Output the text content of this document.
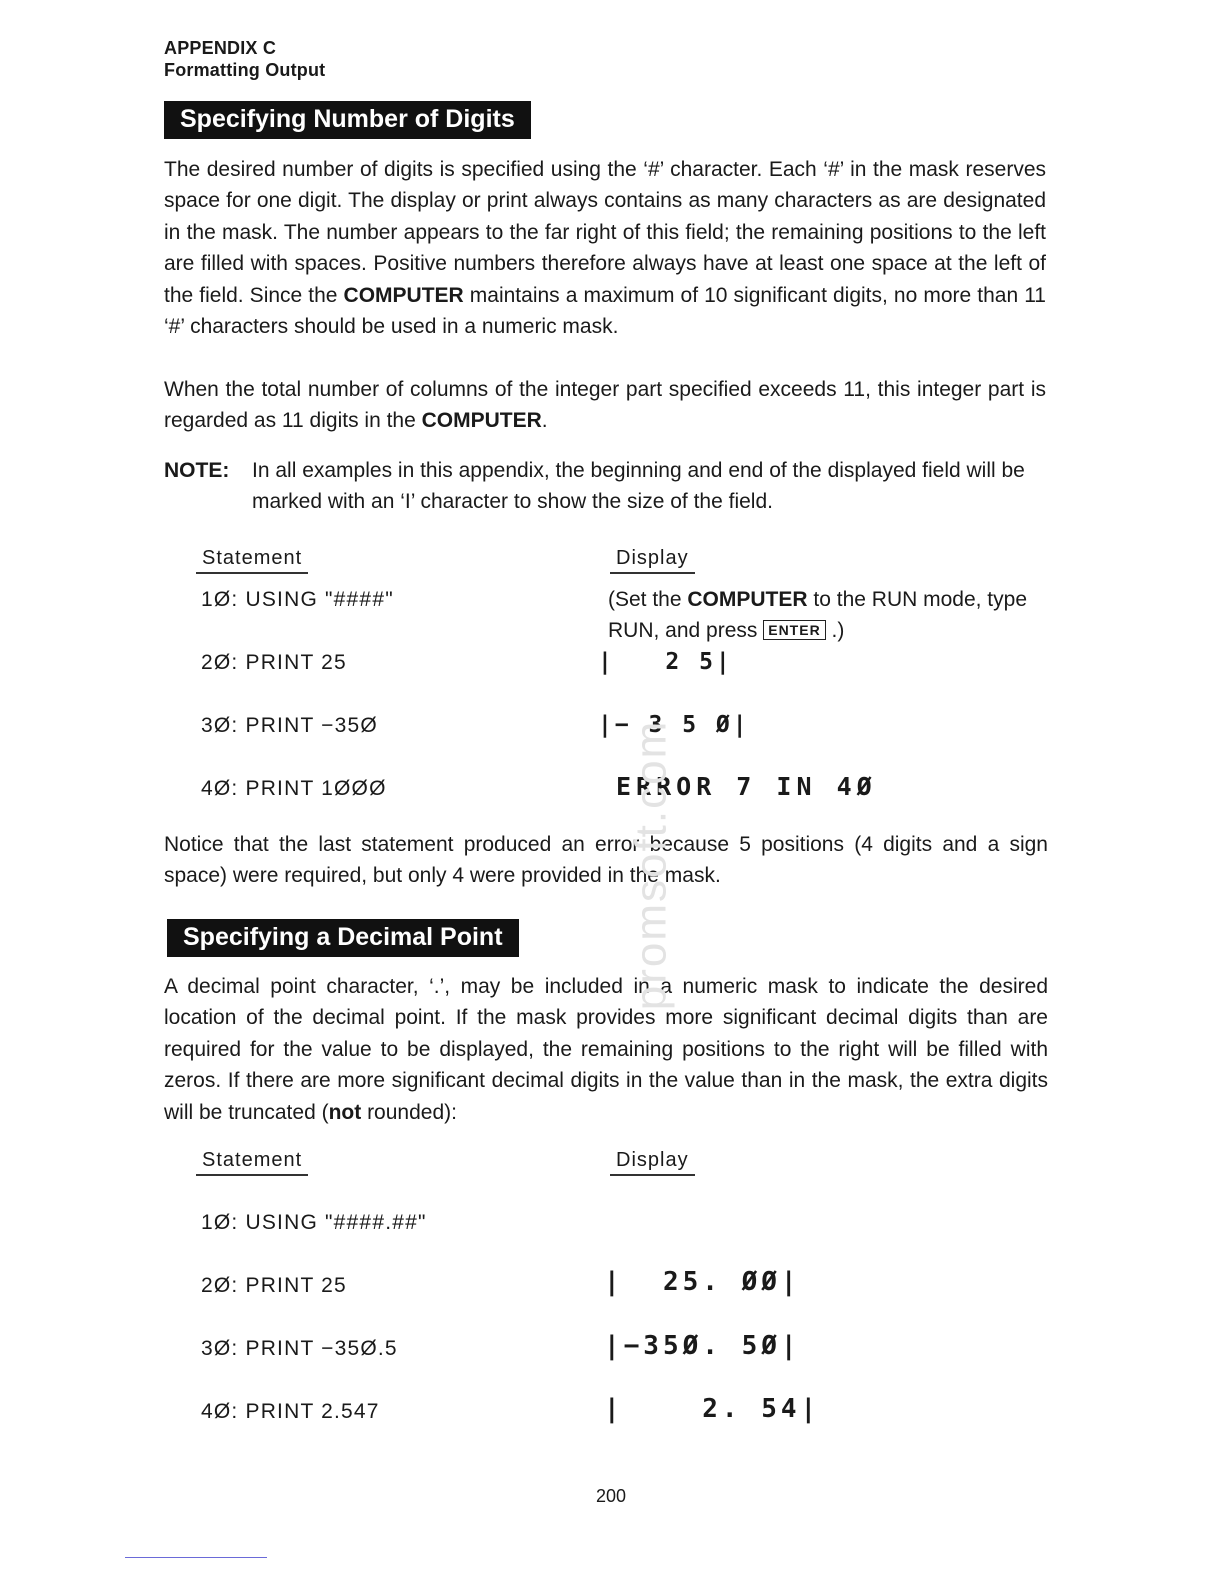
APPENDIX C
Formatting Output
Specifying Number of Digits

The desired number of digits is specified using the ‘#’ character. Each ‘#’ in the mask reserves space for one digit. The display or print always contains as many characters as are designated in the mask. The number appears to the far right of this field; the remaining positions to the left are filled with spaces. Positive numbers therefore always have at least one space at the left of the field. Since the COMPUTER maintains a maximum of 10 significant digits, no more than 11 ‘#’ characters should be used in a numeric mask.

When the total number of columns of the integer part specified exceeds 11, this integer part is regarded as 11 digits in the COMPUTER.

NOTE: In all examples in this appendix, the beginning and end of the displayed field will be marked with an ‘I’ character to show the size of the field.

Statement	Display
1Ø: USING "####"	(Set the COMPUTER to the RUN mode, type RUN, and press ENTER .)

2Ø: PRINT 25	|   2 5|
3Ø: PRINT −35Ø	|− 3 5 Ø|
4Ø: PRINT 1ØØØ	ERROR 7 IN 4Ø

Notice that the last statement produced an error because 5 positions (4 digits and a sign space) were required, but only 4 were provided in the mask.

Specifying a Decimal Point

A decimal point character, ‘.’, may be included in a numeric mask to indicate the desired location of the decimal point. If the mask provides more significant decimal digits than are required for the value to be displayed, the remaining positions to the right will be filled with zeros. If there are more significant decimal digits in the value than in the mask, the extra digits will be truncated (not rounded):

Statement	Display
1Ø: USING "####.##"
2Ø: PRINT 25	|  25. ØØ|
3Ø: PRINT −35Ø.5	|−35Ø. 5Ø|
4Ø: PRINT 2.547	|    2. 54|
promsoft.com
200
